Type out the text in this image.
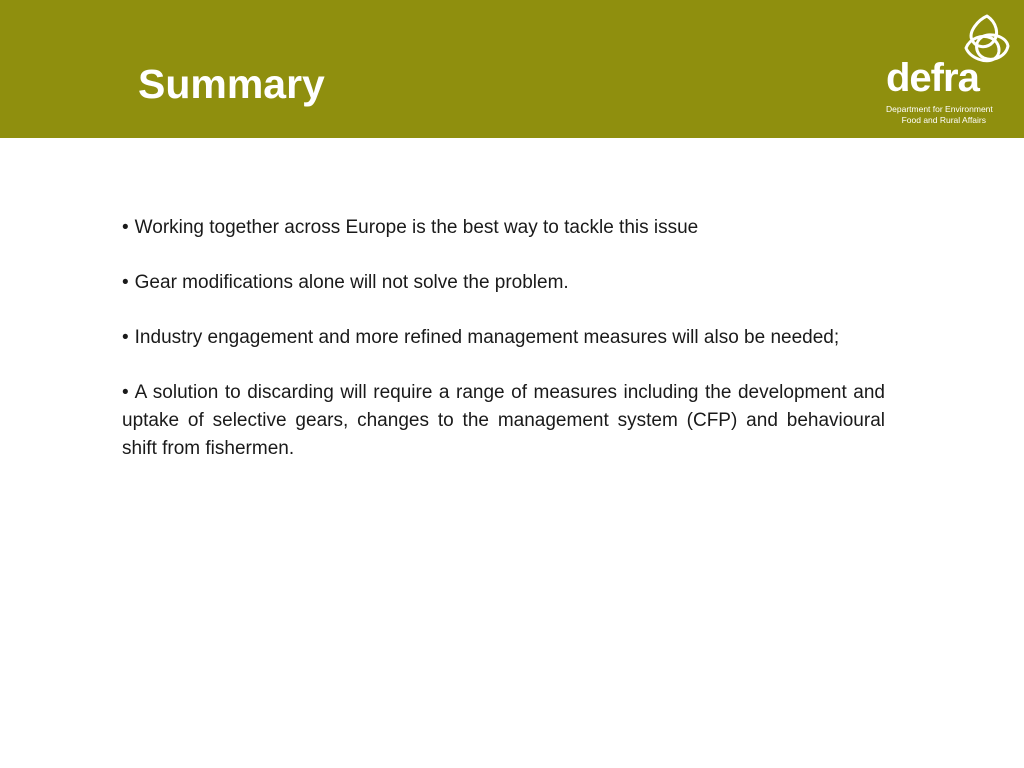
Summary	defra
Department for Environment
Food and Rural Affairs

• Working together across Europe is the best way to tackle this issue

• Gear modifications alone will not solve the problem.

• Industry engagement and more refined management measures will also be needed;

• A solution to discarding will require a range of measures including the development and uptake of selective gears, changes to the management system (CFP) and behavioural shift from fishermen.
